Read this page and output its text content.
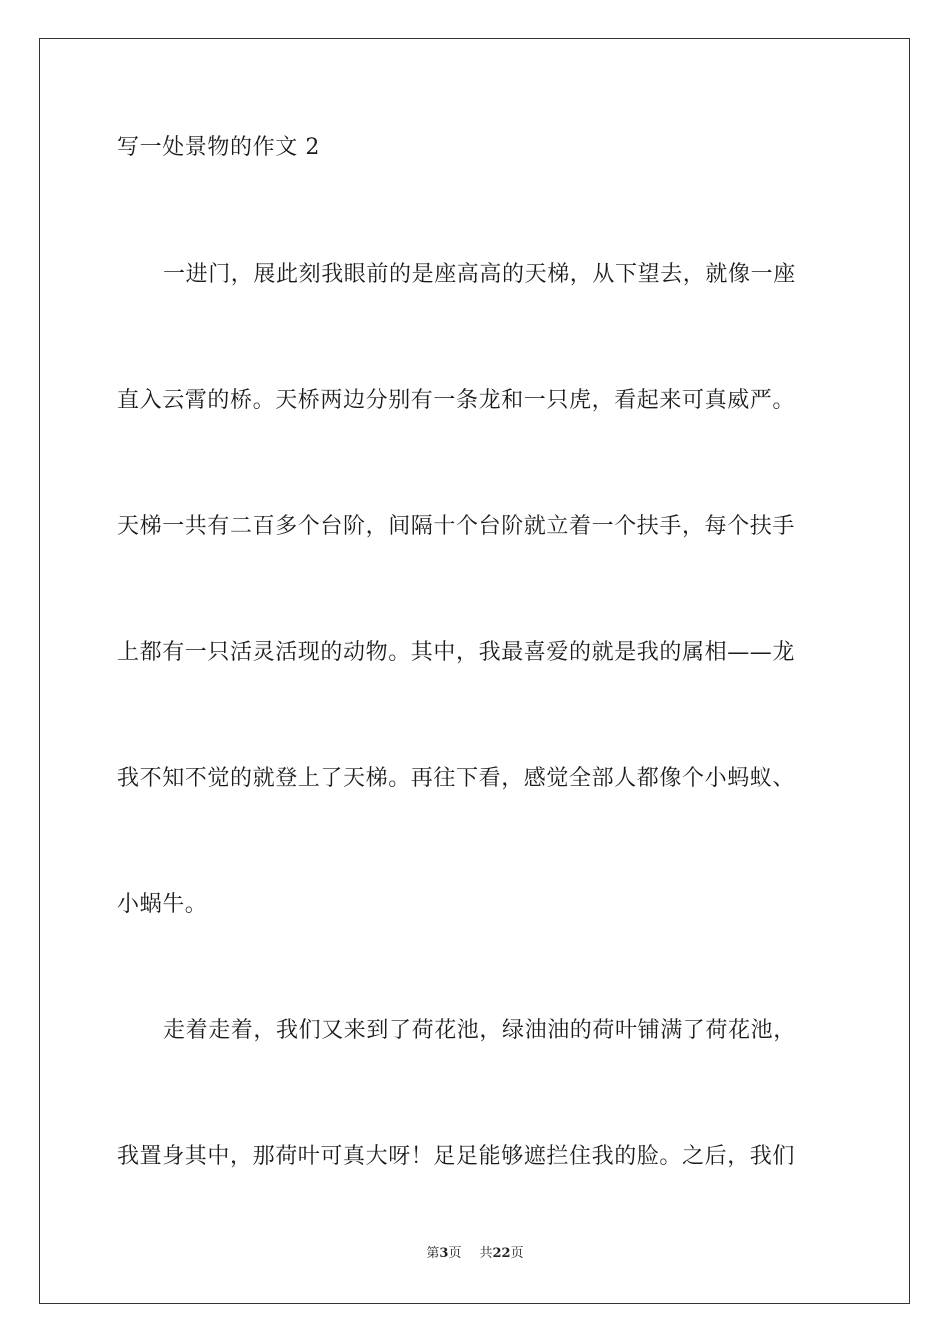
写一处景物的作文 2
一进门，展此刻我眼前的是座高高的天梯，从下望去，就像一座
直入云霄的桥。天桥两边分别有一条龙和一只虎，看起来可真威严。
天梯一共有二百多个台阶，间隔十个台阶就立着一个扶手，每个扶手
上都有一只活灵活现的动物。其中，我最喜爱的就是我的属相——龙
我不知不觉的就登上了天梯。再往下看，感觉全部人都像个小蚂蚁、
小蜗牛。
走着走着，我们又来到了荷花池，绿油油的荷叶铺满了荷花池，
我置身其中，那荷叶可真大呀！足足能够遮拦住我的脸。之后，我们
第3页 共22页
